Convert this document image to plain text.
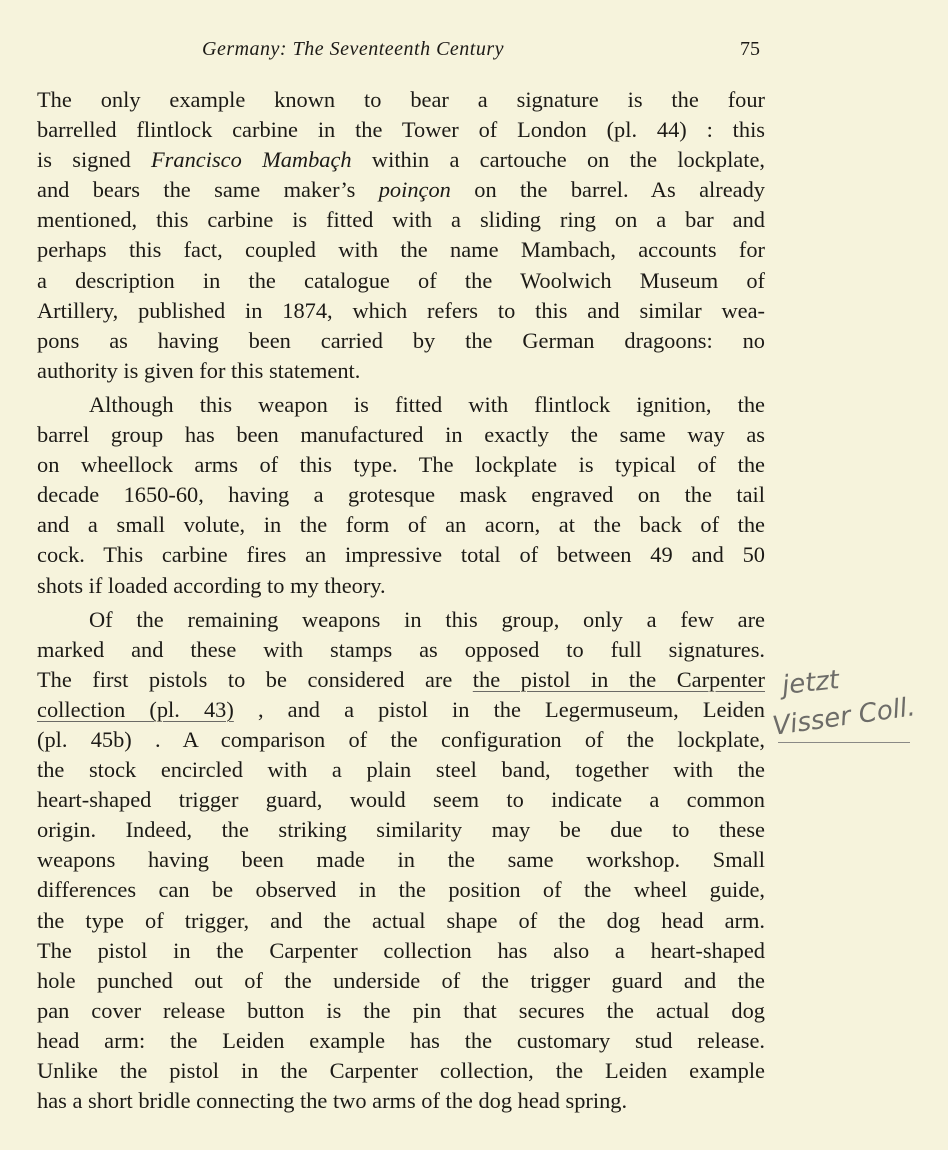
Germany: The Seventeenth Century	75
The only example known to bear a signature is the four
barrelled flintlock carbine in the Tower of London (pl. 44) : this
is signed Francisco Mambaçh within a cartouche on the lockplate,
and bears the same maker’s poinçon on the barrel. As already
mentioned, this carbine is fitted with a sliding ring on a bar and
perhaps this fact, coupled with the name Mambach, accounts for
a description in the catalogue of the Woolwich Museum of
Artillery, published in 1874, which refers to this and similar wea-
pons as having been carried by the German dragoons: no
authority is given for this statement.
Although this weapon is fitted with flintlock ignition, the
barrel group has been manufactured in exactly the same way as
on wheellock arms of this type. The lockplate is typical of the
decade 1650-60, having a grotesque mask engraved on the tail
and a small volute, in the form of an acorn, at the back of the
cock. This carbine fires an impressive total of between 49 and 50
shots if loaded according to my theory.
Of the remaining weapons in this group, only a few are
marked and these with stamps as opposed to full signatures.
The first pistols to be considered are the pistol in the Carpenter
collection (pl. 43) , and a pistol in the Legermuseum, Leiden
(pl. 45b) . A comparison of the configuration of the lockplate,
the stock encircled with a plain steel band, together with the
heart-shaped trigger guard, would seem to indicate a common
origin. Indeed, the striking similarity may be due to these
weapons having been made in the same workshop. Small
differences can be observed in the position of the wheel guide,
the type of trigger, and the actual shape of the dog head arm.
The pistol in the Carpenter collection has also a heart-shaped
hole punched out of the underside of the trigger guard and the
pan cover release button is the pin that secures the actual dog
head arm: the Leiden example has the customary stud release.
Unlike the pistol in the Carpenter collection, the Leiden example
has a short bridle connecting the two arms of the dog head spring.
jetzt
Visser Coll.
